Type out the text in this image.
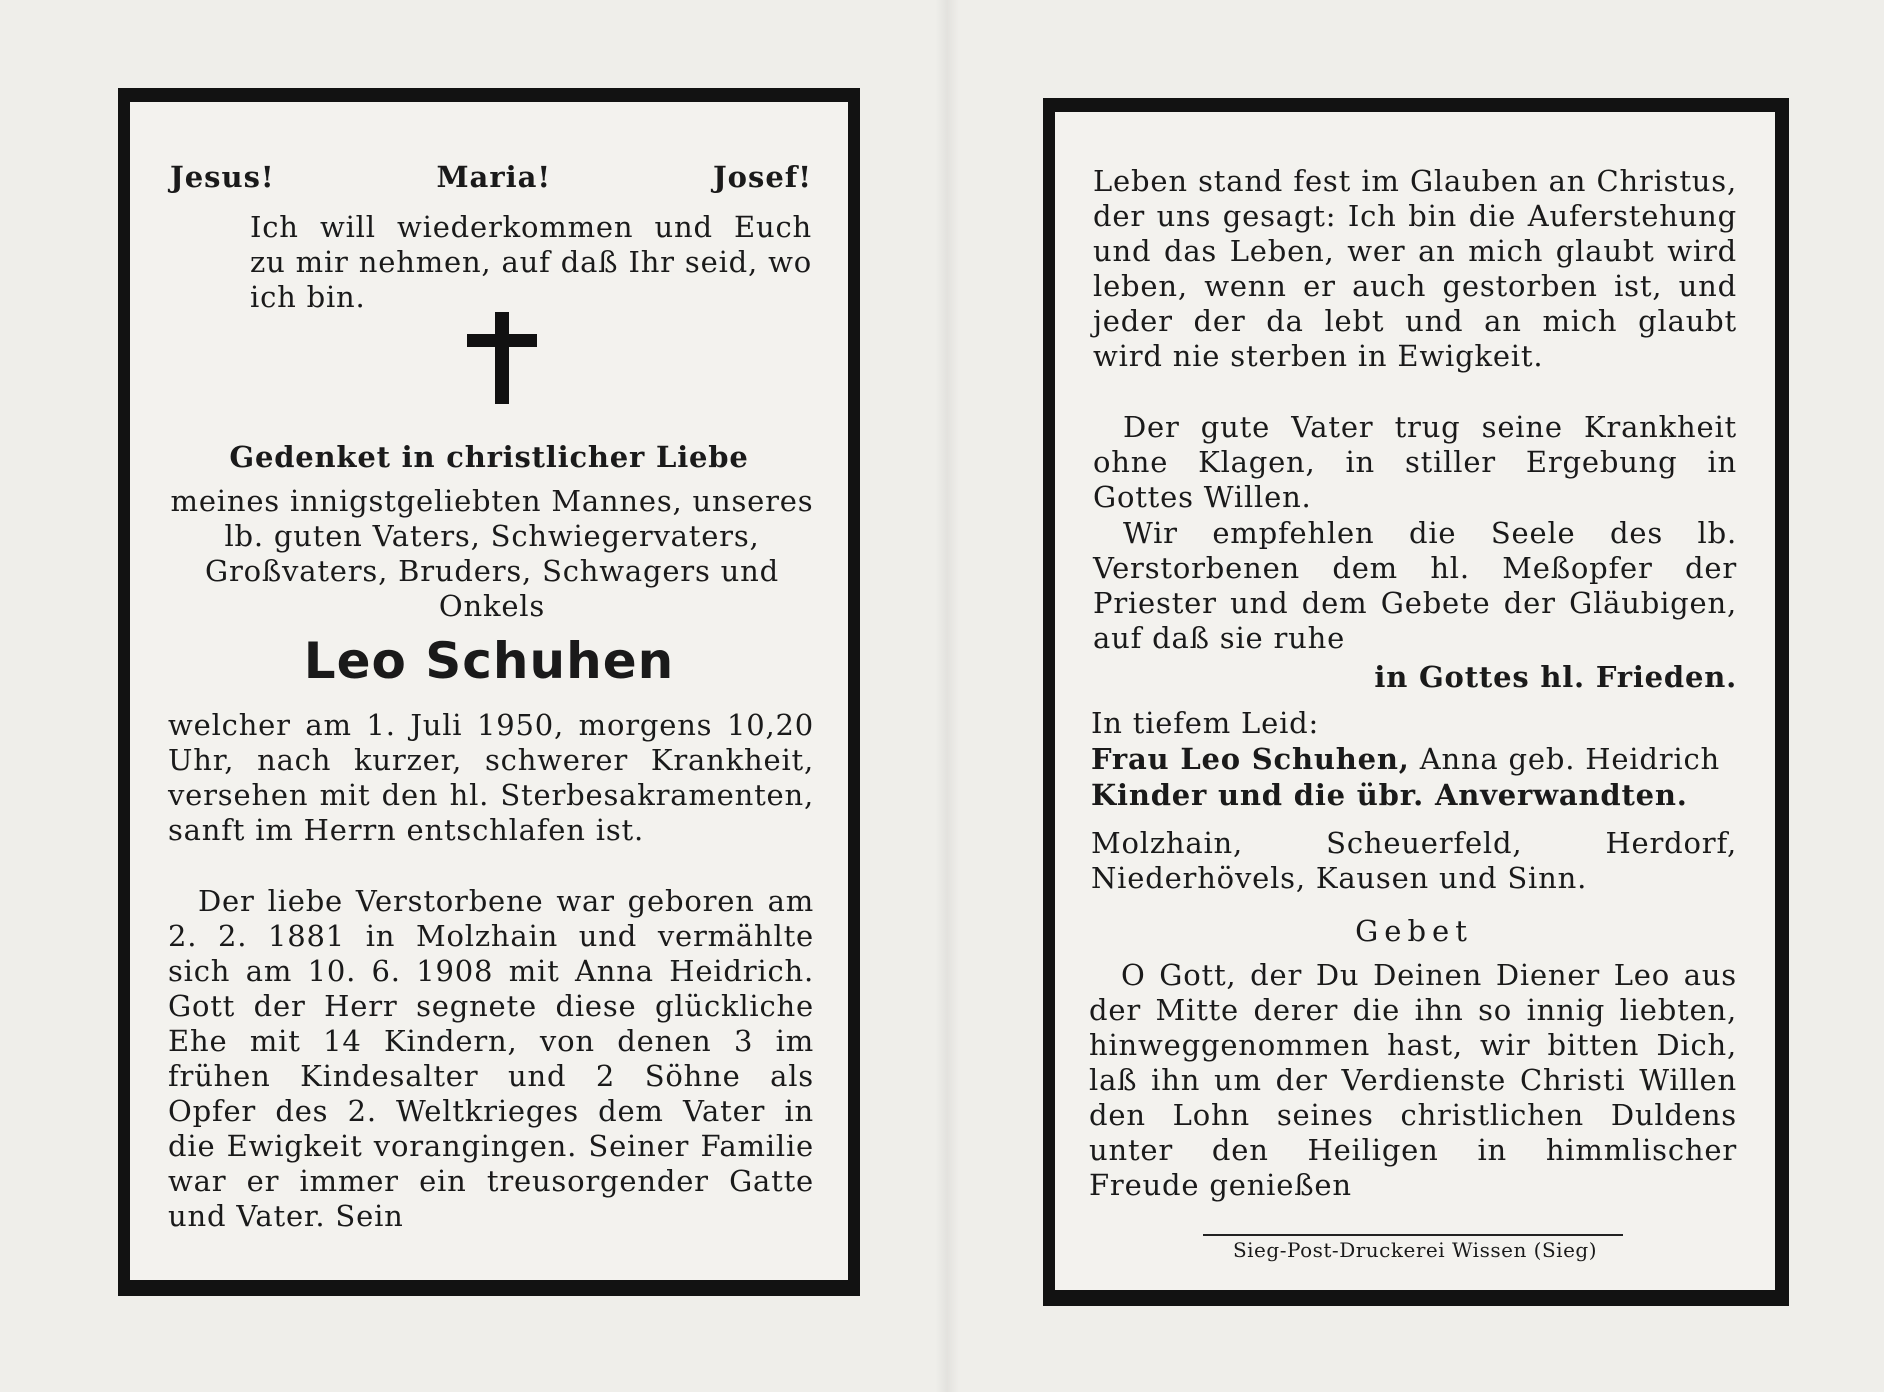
Jesus!	Maria!	Josef!
Ich will wiederkommen und Euch zu mir nehmen, auf daß Ihr seid, wo ich bin.
Gedenket in christlicher Liebe
meines innigstgeliebten Mannes, unseres lb. guten Vaters, Schwiegervaters, Großvaters, Bruders, Schwagers und Onkels
Leo Schuhen
welcher am 1. Juli 1950, morgens 10,20 Uhr, nach kurzer, schwerer Krankheit, versehen mit den hl. Sterbesakramenten, sanft im Herrn entschlafen ist.
Der liebe Verstorbene war geboren am 2. 2. 1881 in Molzhain und vermählte sich am 10. 6. 1908 mit Anna Heidrich. Gott der Herr segnete diese glückliche Ehe mit 14 Kindern, von denen 3 im frühen Kindesalter und 2 Söhne als Opfer des 2. Weltkrieges dem Vater in die Ewigkeit vorangingen. Seiner Familie war er immer ein treusorgender Gatte und Vater. Sein
Leben stand fest im Glauben an Christus, der uns gesagt: Ich bin die Auferstehung und das Leben, wer an mich glaubt wird leben, wenn er auch gestorben ist, und jeder der da lebt und an mich glaubt wird nie sterben in Ewigkeit.
Der gute Vater trug seine Krankheit ohne Klagen, in stiller Ergebung in Gottes Willen.
Wir empfehlen die Seele des lb. Verstorbenen dem hl. Meßopfer der Priester und dem Gebete der Gläubigen, auf daß sie ruhe
in Gottes hl. Frieden.
In tiefem Leid:
Frau Leo Schuhen, Anna geb. Heidrich
Kinder und die übr. Anverwandten.
Molzhain, Scheuerfeld, Herdorf, Niederhövels, Kausen und Sinn.
Gebet
O Gott, der Du Deinen Diener Leo aus der Mitte derer die ihn so innig liebten, hinweggenommen hast, wir bitten Dich, laß ihn um der Verdienste Christi Willen den Lohn seines christlichen Duldens unter den Heiligen in himmlischer Freude genießen
Sieg-Post-Druckerei Wissen (Sieg)
